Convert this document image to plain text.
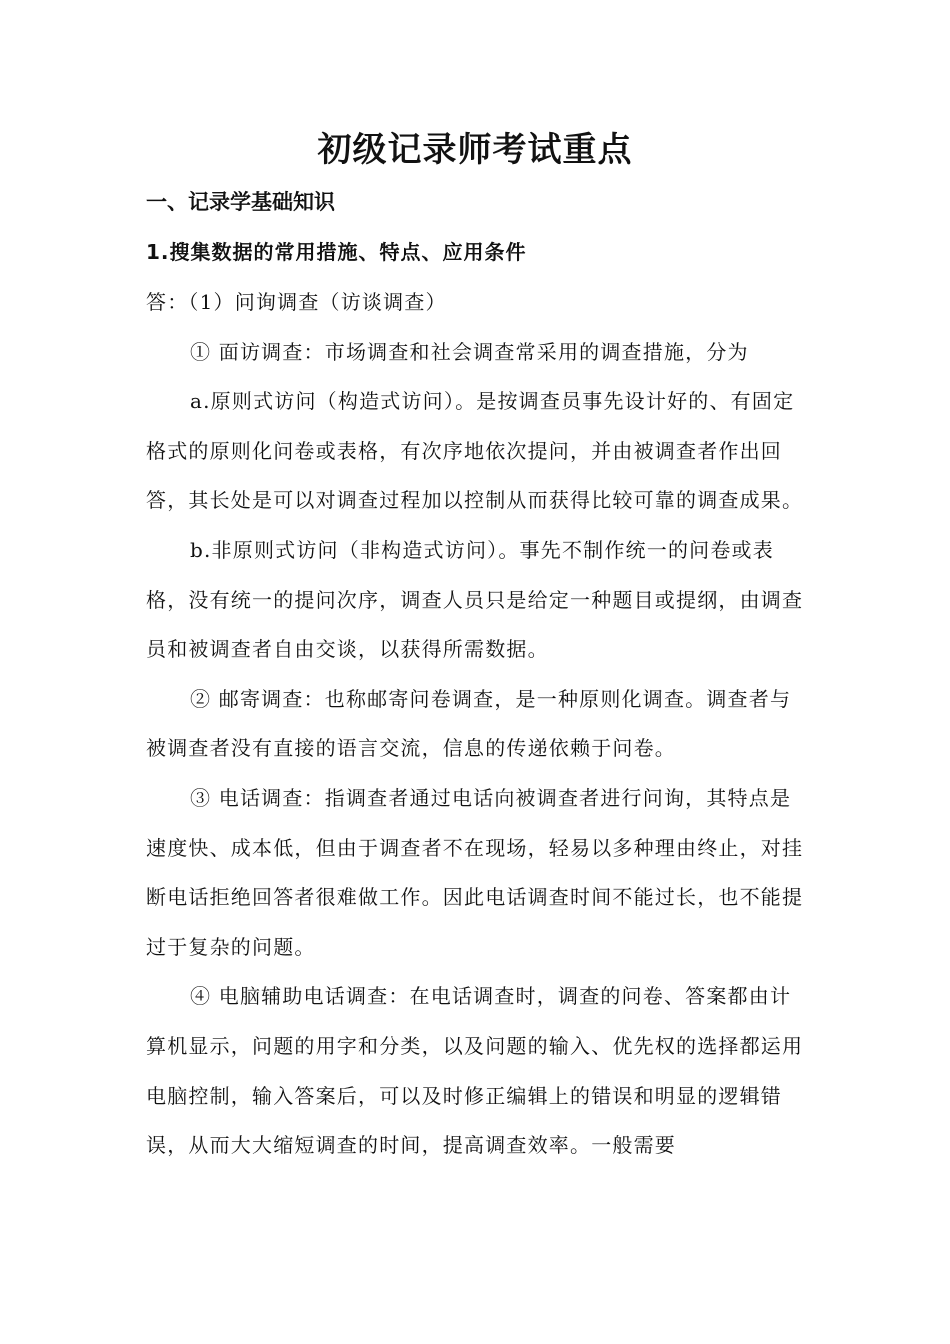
初级记录师考试重点
一、记录学基础知识
1.搜集数据的常用措施、特点、应用条件

答：（1）问询调查（访谈调查）

① 面访调查：市场调查和社会调查常采用的调查措施，分为

a.原则式访问（构造式访问）。是按调查员事先设计好的、有固定格式的原则化问卷或表格，有次序地依次提问，并由被调查者作出回答，其长处是可以对调查过程加以控制从而获得比较可靠的调查成果。

b.非原则式访问（非构造式访问）。事先不制作统一的问卷或表格，没有统一的提问次序，调查人员只是给定一种题目或提纲，由调查员和被调查者自由交谈，以获得所需数据。

② 邮寄调查：也称邮寄问卷调查，是一种原则化调查。调查者与被调查者没有直接的语言交流，信息的传递依赖于问卷。

③ 电话调查：指调查者通过电话向被调查者进行问询，其特点是速度快、成本低，但由于调查者不在现场，轻易以多种理由终止，对挂断电话拒绝回答者很难做工作。因此电话调查时间不能过长，也不能提过于复杂的问题。

④ 电脑辅助电话调查：在电话调查时，调查的问卷、答案都由计算机显示，问题的用字和分类，以及问题的输入、优先权的选择都运用电脑控制，输入答案后，可以及时修正编辑上的错误和明显的逻辑错误，从而大大缩短调查的时间，提高调查效率。一般需要
